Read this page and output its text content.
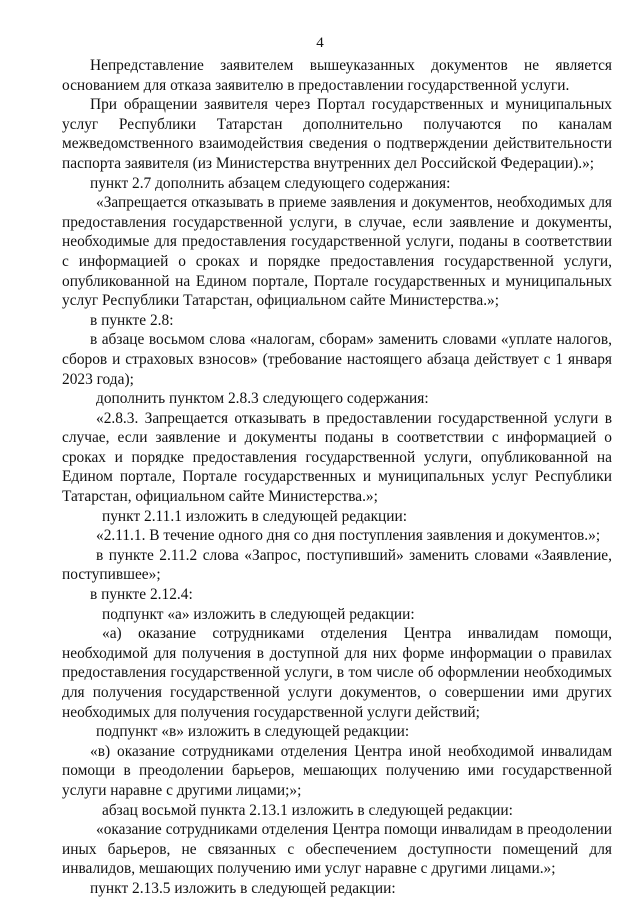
4

Непредставление заявителем вышеуказанных документов не является основанием для отказа заявителю в предоставлении государственной услуги.

При обращении заявителя через Портал государственных и муниципальных услуг Республики Татарстан дополнительно получаются по каналам межведомственного взаимодействия сведения о подтверждении действительности паспорта заявителя (из Министерства внутренних дел Российской Федерации).»;

пункт 2.7 дополнить абзацем следующего содержания:

«Запрещается отказывать в приеме заявления и документов, необходимых для предоставления государственной услуги, в случае, если заявление и документы, необходимые для предоставления государственной услуги, поданы в соответствии с информацией о сроках и порядке предоставления государственной услуги, опубликованной на Едином портале, Портале государственных и муниципальных услуг Республики Татарстан, официальном сайте Министерства.»;

в пункте 2.8:

в абзаце восьмом слова «налогам, сборам» заменить словами «уплате налогов, сборов и страховых взносов» (требование настоящего абзаца действует с 1 января 2023 года);

дополнить пунктом 2.8.3 следующего содержания:

«2.8.3. Запрещается отказывать в предоставлении государственной услуги в случае, если заявление и документы поданы в соответствии с информацией о сроках и порядке предоставления государственной услуги, опубликованной на Едином портале, Портале государственных и муниципальных услуг Республики Татарстан, официальном сайте Министерства.»;

пункт 2.11.1 изложить в следующей редакции:

«2.11.1. В течение одного дня со дня поступления заявления и документов.»;

в пункте 2.11.2 слова «Запрос, поступивший» заменить словами «Заявление, поступившее»;

в пункте 2.12.4:

подпункт «а» изложить в следующей редакции:

«а) оказание сотрудниками отделения Центра инвалидам помощи, необходимой для получения в доступной для них форме информации о правилах предоставления государственной услуги, в том числе об оформлении необходимых для получения государственной услуги документов, о совершении ими других необходимых для получения государственной услуги действий;

подпункт «в» изложить в следующей редакции:

«в) оказание сотрудниками отделения Центра иной необходимой инвалидам помощи в преодолении барьеров, мешающих получению ими государственной услуги наравне с другими лицами;»;

абзац восьмой пункта 2.13.1 изложить в следующей редакции:

«оказание сотрудниками отделения Центра помощи инвалидам в преодолении иных барьеров, не связанных с обеспечением доступности помещений для инвалидов, мешающих получению ими услуг наравне с другими лицами.»;

пункт 2.13.5 изложить в следующей редакции:
